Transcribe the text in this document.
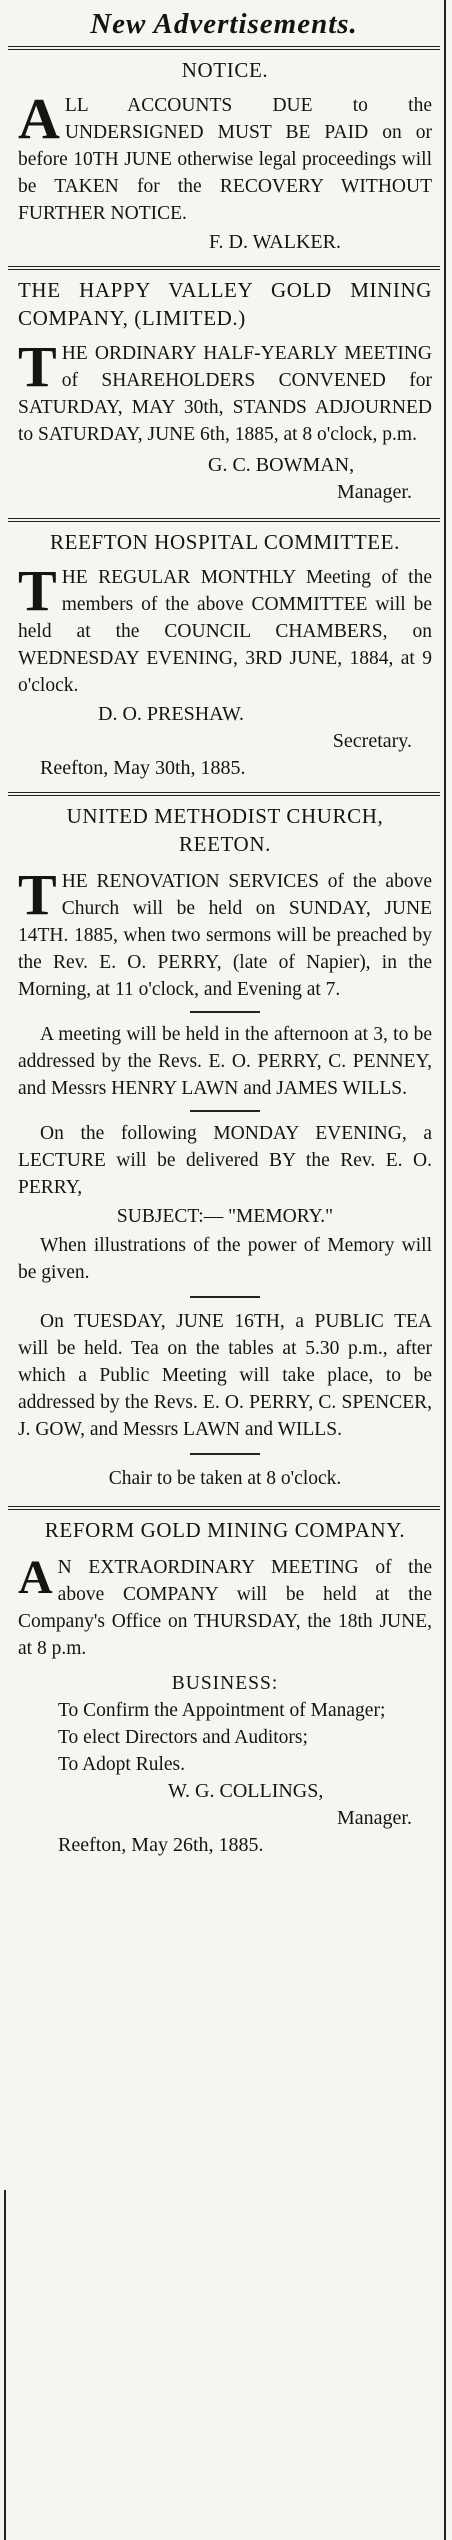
New Advertisements.
NOTICE.
ALL ACCOUNTS DUE to the UNDERSIGNED MUST BE PAID on or before 10TH JUNE otherwise legal proceedings will be TAKEN for the RECOVERY WITHOUT FURTHER NOTICE.
F. D. WALKER.
THE HAPPY VALLEY GOLD MINING COMPANY, (LIMITED.)
THE ORDINARY HALF-YEARLY MEETING of SHAREHOLDERS CONVENED for SATURDAY, MAY 30th, STANDS ADJOURNED to SATURDAY, JUNE 6th, 1885, at 8 o'clock, p.m.
G. C. BOWMAN,
Manager.
REEFTON HOSPITAL COMMITTEE.
THE REGULAR MONTHLY Meeting of the members of the above COMMITTEE will be held at the COUNCIL CHAMBERS, on WEDNESDAY EVENING, 3RD JUNE, 1884, at 9 o'clock.
D. O. PRESHAW.
Secretary.
Reefton, May 30th, 1885.
UNITED METHODIST CHURCH, REETON.
THE RENOVATION SERVICES of the above Church will be held on SUNDAY, JUNE 14TH. 1885, when two sermons will be preached by the Rev. E. O. PERRY, (late of Napier), in the Morning, at 11 o'clock, and Evening at 7.
A meeting will be held in the afternoon at 3, to be addressed by the Revs. E. O. PERRY, C. PENNEY, and Messrs HENRY LAWN and JAMES WILLS.
On the following MONDAY EVENING, a LECTURE will be delivered BY the Rev. E. O. PERRY,
SUBJECT:— "MEMORY."
When illustrations of the power of Memory will be given.
On TUESDAY, JUNE 16TH, a PUBLIC TEA will be held. Tea on the tables at 5.30 p.m., after which a Public Meeting will take place, to be addressed by the Revs. E. O. PERRY, C. SPENCER, J. GOW, and Messrs LAWN and WILLS.
Chair to be taken at 8 o'clock.
REFORM GOLD MINING COMPANY.
A N EXTRAORDINARY MEETING of the above COMPANY will be held at the Company's Office on THURSDAY, the 18th JUNE, at 8 p.m.
BUSINESS:
To Confirm the Appointment of Manager;
To elect Directors and Auditors;
To Adopt Rules.
W. G. COLLINGS,
Manager.
Reefton, May 26th, 1885.
